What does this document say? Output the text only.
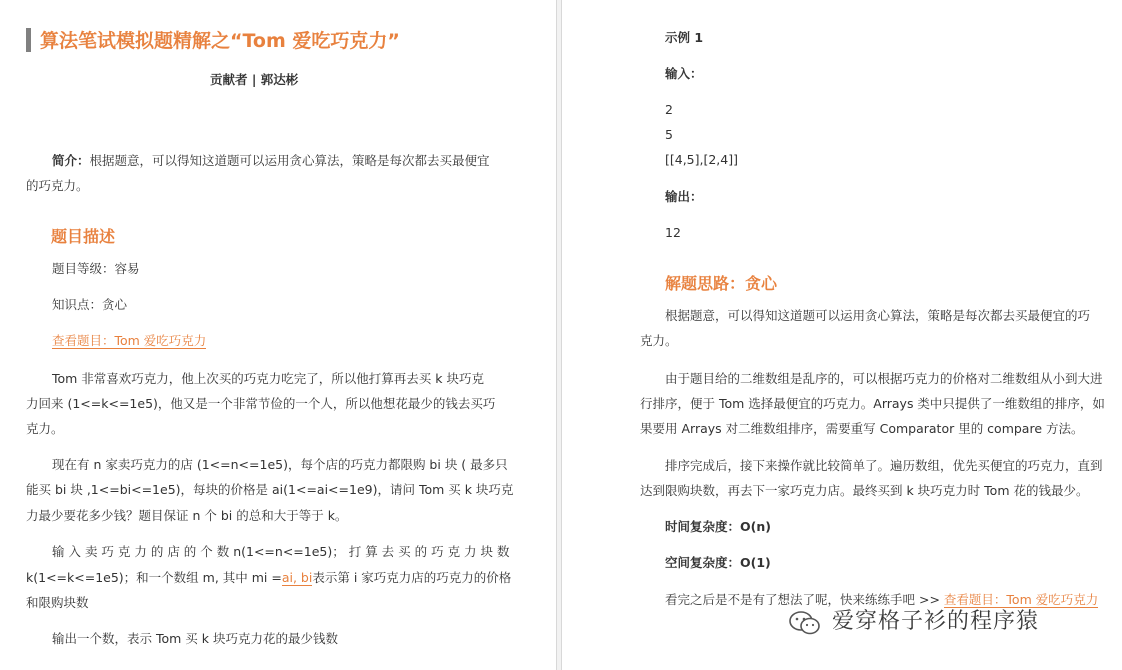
算法笔试模拟题精解之“Tom 爱吃巧克力”
贡献者 | 郭达彬
简介：根据题意，可以得知这道题可以运用贪心算法，策略是每次都去买最便宜
的巧克力。
题目描述
题目等级：容易
知识点：贪心
查看题目：Tom 爱吃巧克力
Tom 非常喜欢巧克力，他上次买的巧克力吃完了，所以他打算再去买 k 块巧克
力回来 (1<=k<=1e5)，他又是一个非常节俭的一个人，所以他想花最少的钱去买巧
克力。
现在有 n 家卖巧克力的店 (1<=n<=1e5)，每个店的巧克力都限购 bi 块 ( 最多只
能买 bi 块 ,1<=bi<=1e5)，每块的价格是 ai(1<=ai<=1e9)，请问 Tom 买 k 块巧克
力最少要花多少钱？题目保证 n 个 bi 的总和大于等于 k。
输 入 卖 巧 克 力 的 店 的 个 数 n(1<=n<=1e5)； 打 算 去 买 的 巧 克 力 块 数
k(1<=k<=1e5)；和一个数组 m, 其中 mi =ai, bi表示第 i 家巧克力店的巧克力的价格
和限购块数
输出一个数，表示 Tom 买 k 块巧克力花的最少钱数
示例 1
输入：
2
5
[[4,5],[2,4]]
输出：
12
解题思路：贪心
根据题意，可以得知这道题可以运用贪心算法，策略是每次都去买最便宜的巧
克力。
由于题目给的二维数组是乱序的，可以根据巧克力的价格对二维数组从小到大进
行排序，便于 Tom 选择最便宜的巧克力。Arrays 类中只提供了一维数组的排序，如
果要用 Arrays 对二维数组排序，需要重写 Comparator 里的 compare 方法。
排序完成后，接下来操作就比较简单了。遍历数组，优先买便宜的巧克力，直到
达到限购块数，再去下一家巧克力店。最终买到 k 块巧克力时 Tom 花的钱最少。
时间复杂度：O(n)
空间复杂度：O(1)
看完之后是不是有了想法了呢，快来练练手吧 >> 查看题目：Tom 爱吃巧克力
爱穿格子衫的程序猿
